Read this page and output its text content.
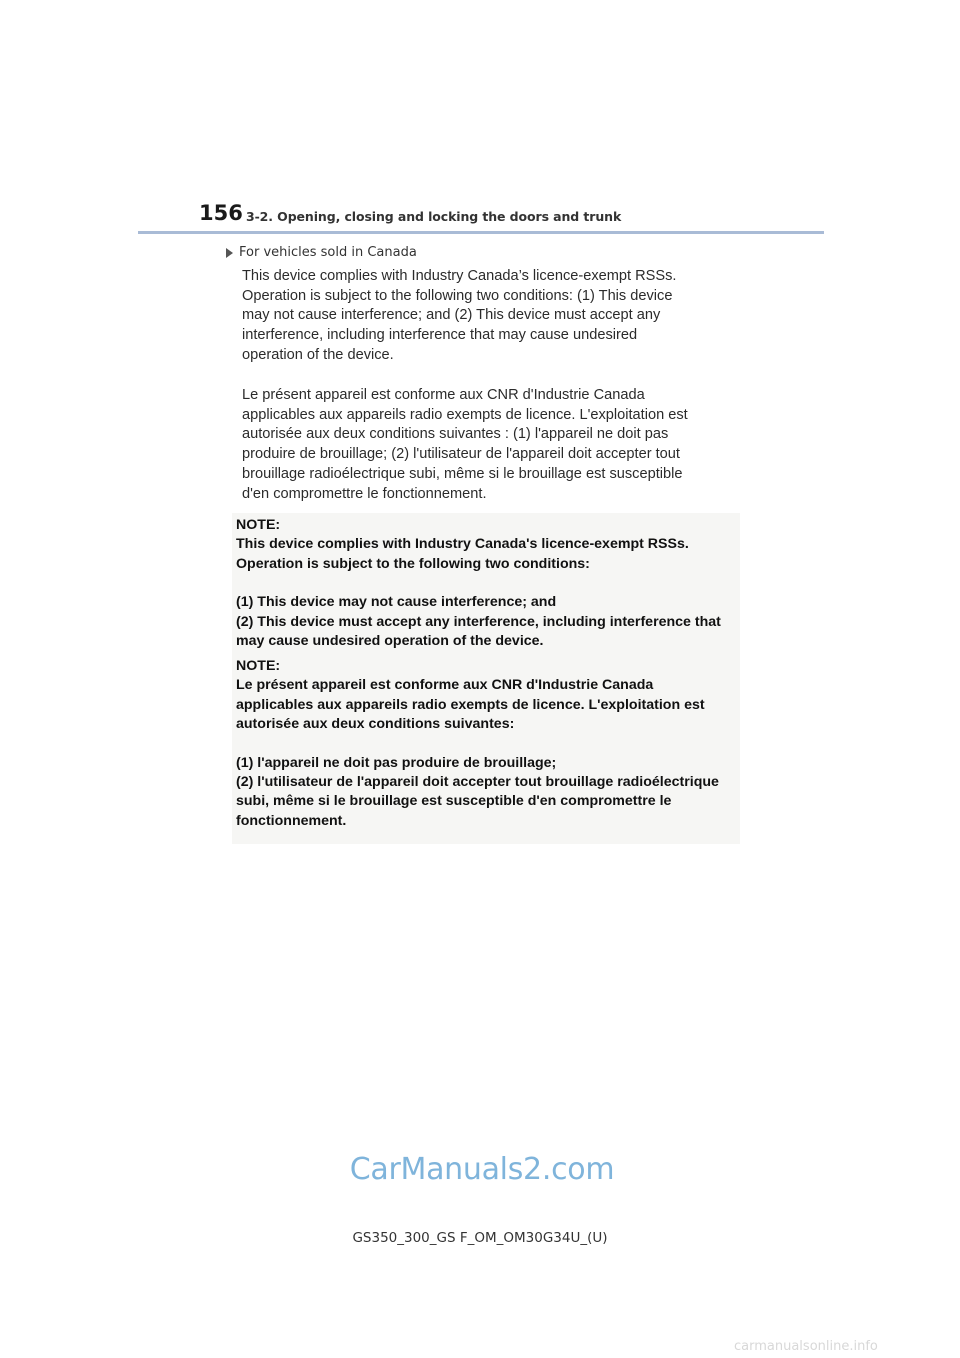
156 3-2. Opening, closing and locking the doors and trunk
For vehicles sold in Canada
This device complies with Industry Canada’s licence-exempt RSSs.
Operation is subject to the following two conditions: (1) This device
may not cause interference; and (2) This device must accept any
interference, including interference that may cause undesired
operation of the device.
Le présent appareil est conforme aux CNR d'Industrie Canada
applicables aux appareils radio exempts de licence. L'exploitation est
autorisée aux deux conditions suivantes : (1) l'appareil ne doit pas
produire de brouillage; (2) l'utilisateur de l'appareil doit accepter tout
brouillage radioélectrique subi, même si le brouillage est susceptible
d'en compromettre le fonctionnement.
NOTE:
This device complies with Industry Canada's licence-exempt RSSs.
Operation is subject to the following two conditions:
(1) This device may not cause interference; and
(2) This device must accept any interference, including interference that
may cause undesired operation of the device.
NOTE:
Le présent appareil est conforme aux CNR d'Industrie Canada
applicables aux appareils radio exempts de licence. L'exploitation est
autorisée aux deux conditions suivantes:
(1) l'appareil ne doit pas produire de brouillage;
(2) l'utilisateur de l'appareil doit accepter tout brouillage radioélectrique
subi, même si le brouillage est susceptible d'en compromettre le
fonctionnement.
CarManuals2.com
GS350_300_GS F_OM_OM30G34U_(U)
carmanualsonline.info
